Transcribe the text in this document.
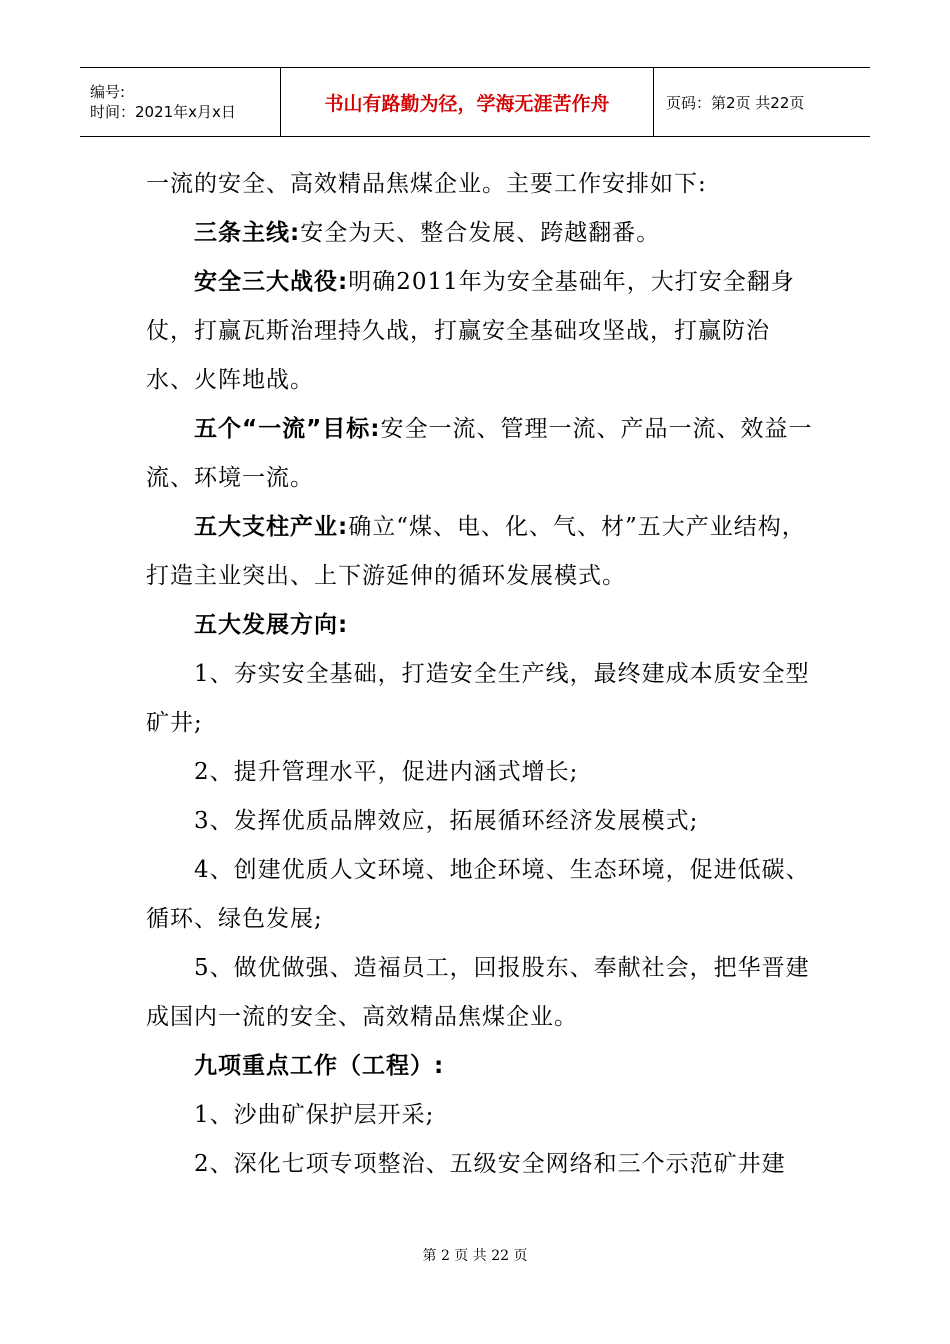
编号:
时间：2021年x月x日	书山有路勤为径，学海无涯苦作舟	页码：第2页 共22页

一流的安全、高效精品焦煤企业。主要工作安排如下:

三条主线:安全为天、整合发展、跨越翻番。

安全三大战役:明确2011年为安全基础年，大打安全翻身仗，打赢瓦斯治理持久战，打赢安全基础攻坚战，打赢防治水、火阵地战。

五个“一流”目标:安全一流、管理一流、产品一流、效益一流、环境一流。

五大支柱产业:确立“煤、电、化、气、材”五大产业结构，打造主业突出、上下游延伸的循环发展模式。

五大发展方向:

1、夯实安全基础，打造安全生产线，最终建成本质安全型矿井;

2、提升管理水平，促进内涵式增长;

3、发挥优质品牌效应，拓展循环经济发展模式;

4、创建优质人文环境、地企环境、生态环境，促进低碳、循环、绿色发展;

5、做优做强、造福员工，回报股东、奉献社会，把华晋建成国内一流的安全、高效精品焦煤企业。

九项重点工作（工程）:

1、沙曲矿保护层开采;

2、深化七项专项整治、五级安全网络和三个示范矿井建

第 2 页 共 22 页
